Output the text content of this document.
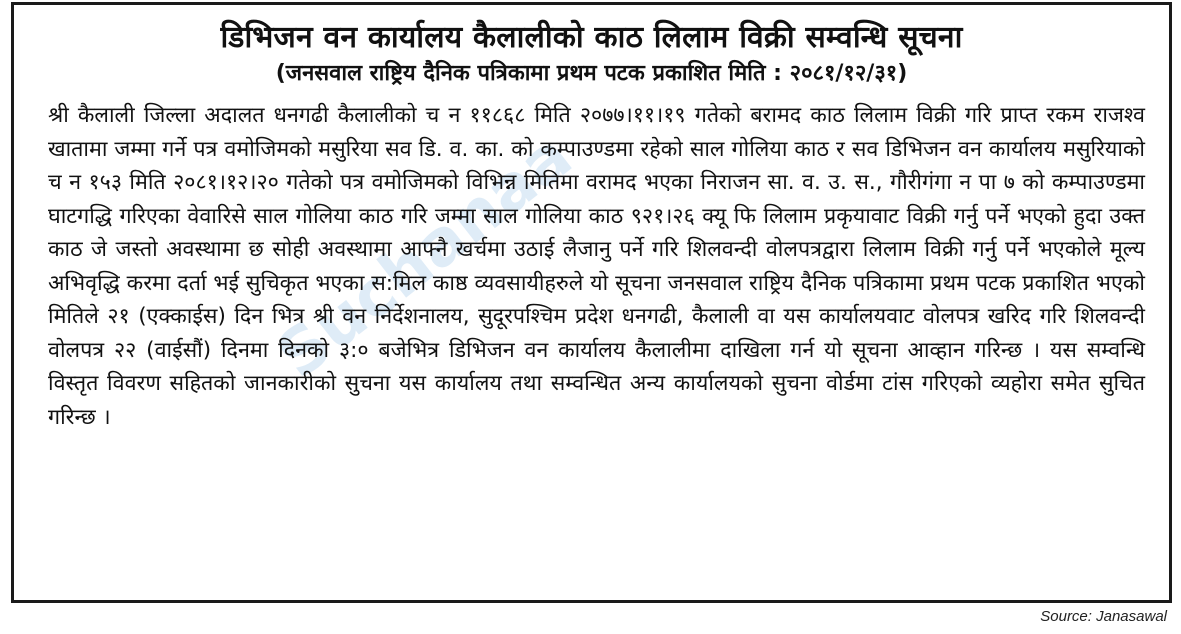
Suchanaa
डिभिजन वन कार्यालय कैलालीको काठ लिलाम विक्री सम्वन्धि सूचना
(जनसवाल राष्ट्रिय दैनिक पत्रिकामा प्रथम पटक प्रकाशित मिति : २०८१/१२/३१)
श्री कैलाली जिल्ला अदालत धनगढी कैलालीको च न ११८६८ मिति २०७७।११।१९ गतेको बरामद काठ लिलाम विक्री गरि प्राप्त रकम राजश्व खातामा जम्मा गर्ने पत्र वमोजिमको मसुरिया सव डि. व. का. को कम्पाउण्डमा रहेको साल गोलिया काठ र सव डिभिजन वन कार्यालय मसुरियाको च न १५३ मिति २०८१।१२।२० गतेको पत्र वमोजिमको विभिन्न मितिमा वरामद भएका निराजन सा. व. उ. स., गौरीगंगा न पा ७ को कम्पाउण्डमा घाटगद्धि गरिएका वेवारिसे साल गोलिया काठ गरि जम्मा साल गोलिया काठ ९२१।२६ क्यू फि लिलाम प्रकृयावाट विक्री गर्नु पर्ने भएको हुदा उक्त काठ जे जस्तो अवस्थामा छ सोही अवस्थामा आफ्नै खर्चमा उठाई लैजानु पर्ने गरि शिलवन्दी वोलपत्रद्वारा लिलाम विक्री गर्नु पर्ने भएकोले मूल्य अभिवृद्धि करमा दर्ता भई सुचिकृत भएका स:मिल काष्ठ व्यवसायीहरुले यो सूचना जनसवाल राष्ट्रिय दैनिक पत्रिकामा प्रथम पटक प्रकाशित भएको मितिले २१ (एक्काईस) दिन भित्र श्री वन निर्देशनालय, सुदूरपश्चिम प्रदेश धनगढी, कैलाली वा यस कार्यालयवाट वोलपत्र खरिद गरि शिलवन्दी वोलपत्र २२ (वाईसौं) दिनमा दिनको ३:० बजेभित्र डिभिजन वन कार्यालय कैलालीमा दाखिला गर्न यो सूचना आव्हान गरिन्छ । यस सम्वन्धि विस्तृत विवरण सहितको जानकारीको सुचना यस कार्यालय तथा सम्वन्धित अन्य कार्यालयको सुचना वोर्डमा टांस गरिएको व्यहोरा समेत सुचित गरिन्छ ।
Source: Janasawal
